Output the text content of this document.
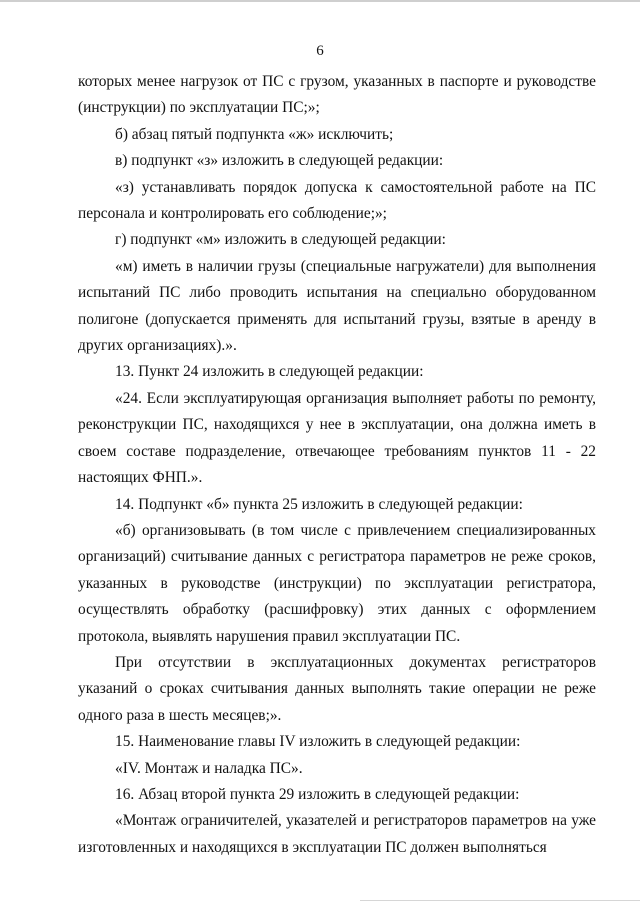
6

которых менее нагрузок от ПС с грузом, указанных в паспорте и руководстве (инструкции) по эксплуатации ПС;»;

б) абзац пятый подпункта «ж» исключить;

в) подпункт «з» изложить в следующей редакции:

«з) устанавливать порядок допуска к самостоятельной работе на ПС персонала и контролировать его соблюдение;»;

г) подпункт «м» изложить в следующей редакции:

«м) иметь в наличии грузы (специальные нагружатели) для выполнения испытаний ПС либо проводить испытания на специально оборудованном полигоне (допускается применять для испытаний грузы, взятые в аренду в других организациях).».

13. Пункт 24 изложить в следующей редакции:

«24. Если эксплуатирующая организация выполняет работы по ремонту, реконструкции ПС, находящихся у нее в эксплуатации, она должна иметь в своем составе подразделение, отвечающее требованиям пунктов 11 - 22 настоящих ФНП.».

14. Подпункт «б» пункта 25 изложить в следующей редакции:

«б) организовывать (в том числе с привлечением специализированных организаций) считывание данных с регистратора параметров не реже сроков, указанных в руководстве (инструкции) по эксплуатации регистратора, осуществлять обработку (расшифровку) этих данных с оформлением протокола, выявлять нарушения правил эксплуатации ПС.

При отсутствии в эксплуатационных документах регистраторов указаний о сроках считывания данных выполнять такие операции не реже одного раза в шесть месяцев;».

15. Наименование главы IV изложить в следующей редакции:

«IV. Монтаж и наладка ПС».

16. Абзац второй пункта 29 изложить в следующей редакции:

«Монтаж ограничителей, указателей и регистраторов параметров на уже изготовленных и находящихся в эксплуатации ПС должен выполняться
